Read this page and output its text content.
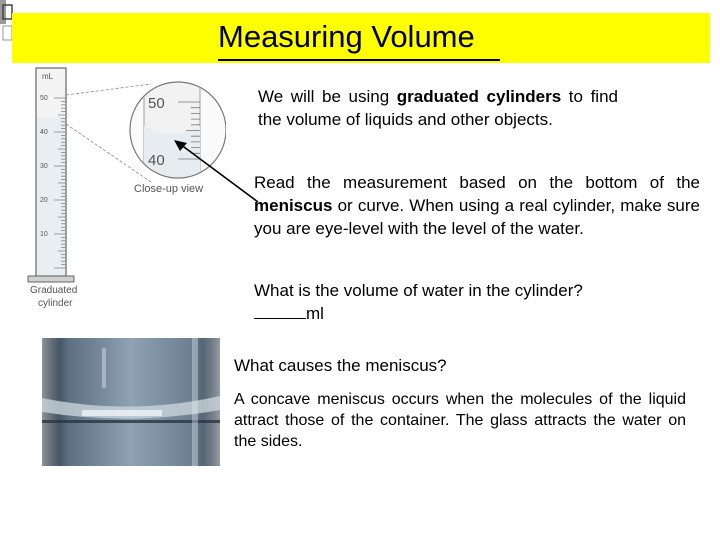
Measuring Volume
mL
50
40
30
20
10
50
40
Close-up view
Graduated
cylinder
We will be using graduated cylinders to find the volume of liquids and other objects.
Read the measurement based on the bottom of the meniscus or curve. When using a real cylinder, make sure you are eye-level with the level of the water.
What is the volume of water in the cylinder?
ml
What causes the meniscus?
A concave meniscus occurs when the molecules of the liquid attract those of the container. The glass attracts the water on the sides.
